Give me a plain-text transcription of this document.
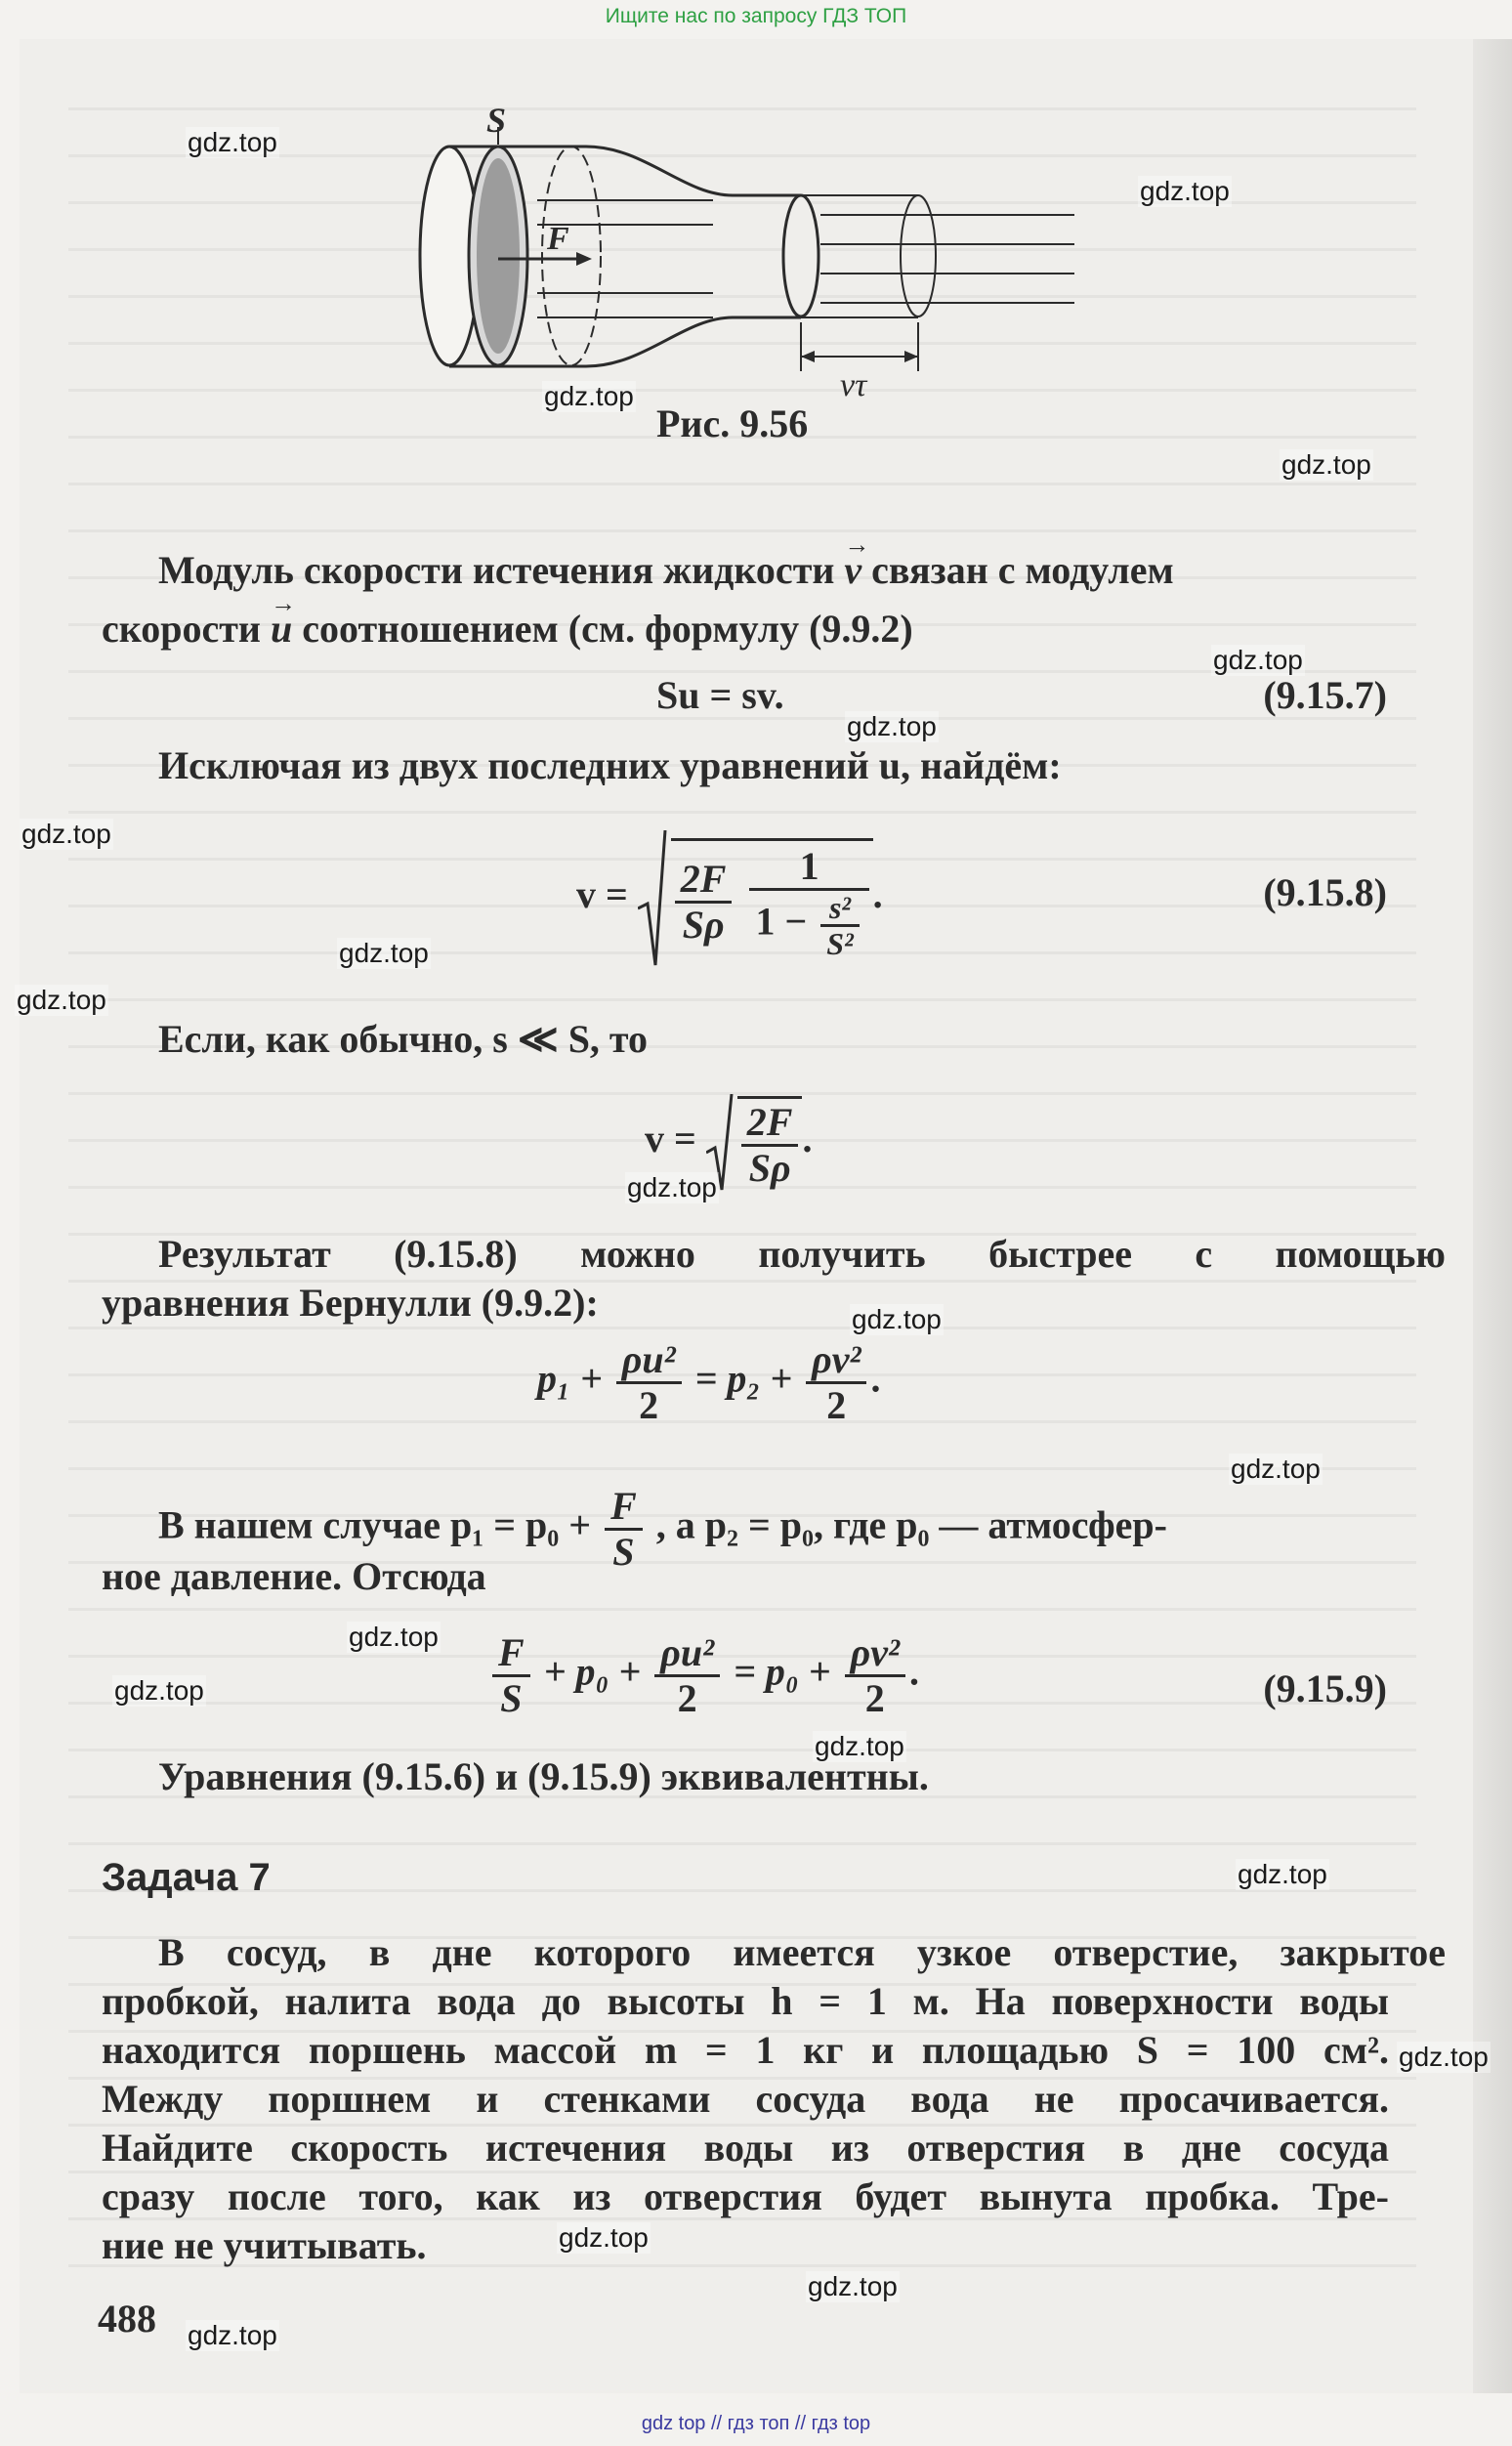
Ищите нас по запросу ГДЗ ТОП
S
F
vτ
Рис. 9.56
Модуль скорости истечения жидкости → v связан с модулем
скорости → u соотношением (см. формулу (9.9.2)
Su = sv.	(9.15.7)
Исключая из двух последних уравнений u, найдём:
$v = \frac{2F}{S\rho}$
$\frac{1}{1 - \frac{\text{s²}}{\text{S²}}}$ .	(9.15.8)
Если, как обычно, s ≪ S, то
$v = \frac{2F}{S\rho}$ .
Результат (9.15.8) можно получить быстрее с помощью
уравнения Бернулли (9.9.2):
$p_1 + \frac{\text{ρu²}}{2} = p_2 + \frac{\text{ρv²}}{2}$ .
В нашем случае $p_1 = p_0 + \frac{F}{S}$ , а p₂ = p₀, где p₀ — атмосфер-
ное давление. Отсюда
$\frac{F}{S} + p_0 + \frac{\text{ρu²}}{2} = p_0 + \frac{\text{ρv²}}{2}$ .	(9.15.9)
Уравнения (9.15.6) и (9.15.9) эквивалентны.
Задача 7
В сосуд, в дне которого имеется узкое отверстие, закрытое
пробкой, налита вода до высоты h = 1 м. На поверхности воды
находится поршень массой m = 1 кг и площадью S = 100 см².
Между поршнем и стенками сосуда вода не просачивается.
Найдите скорость истечения воды из отверстия в дне сосуда
сразу после того, как из отверстия будет вынута пробка. Тре-
ние не учитывать.
488
gdz.top
gdz.top
gdz.top
gdz.top
gdz.top
gdz.top
gdz.top
gdz.top
gdz.top
gdz.top
gdz.top
gdz.top
gdz.top
gdz.top
gdz.top
gdz.top
gdz.top
gdz.top
gdz.top
gdz.top
gdz top // гдз топ // гдз top
